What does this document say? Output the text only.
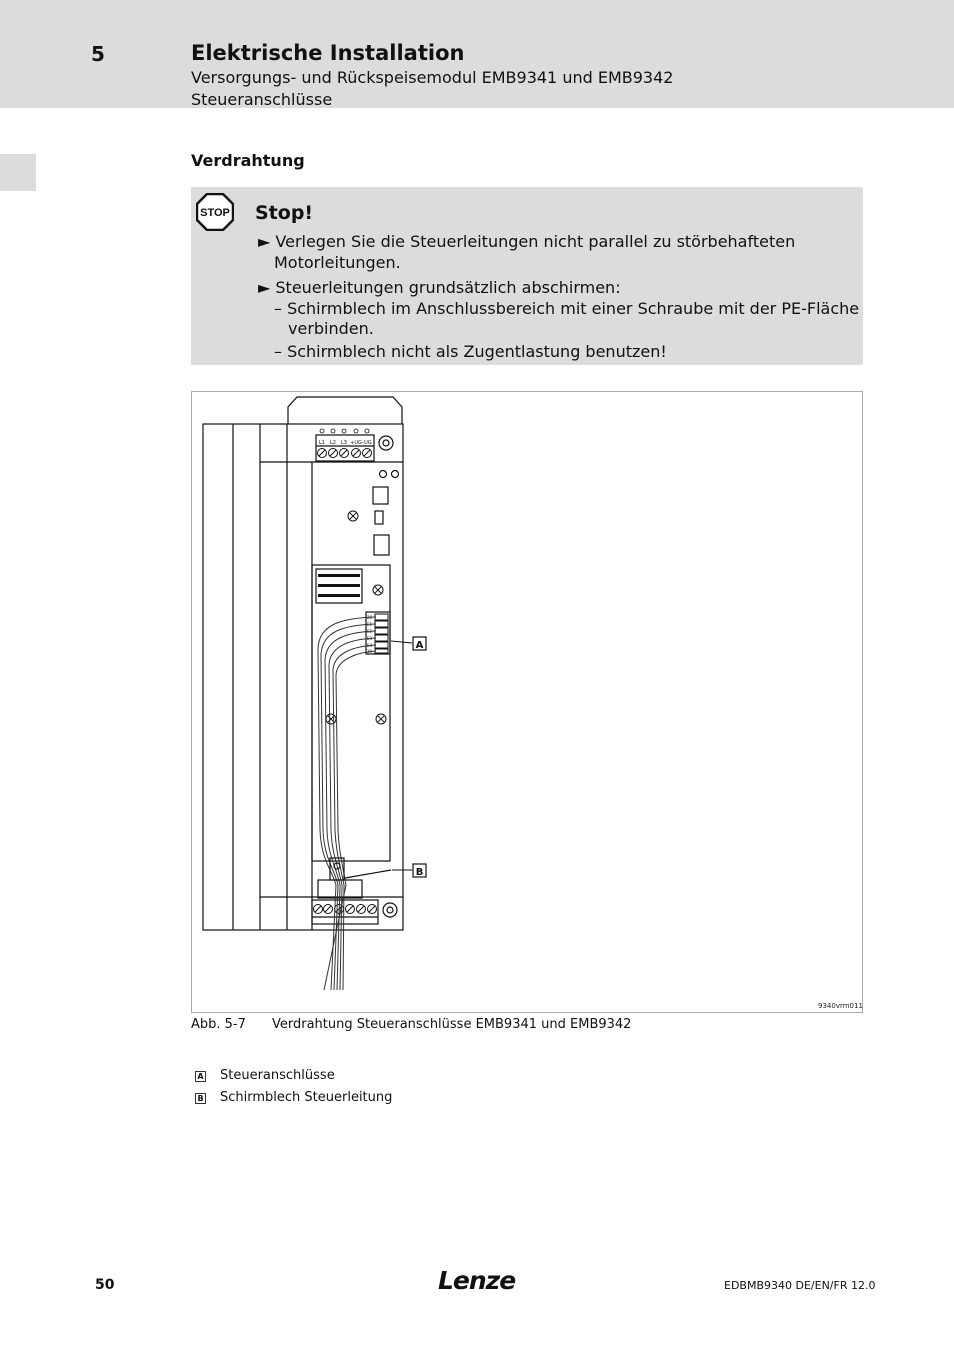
5	Elektrische Installation
Versorgungs- und Rückspeisemodul EMB9341 und EMB9342
Steueranschlüsse
Verdrahtung
STOP Stop!
► Verlegen Sie die Steuerleitungen nicht parallel zu störbehafteten
Motorleitungen.
► Steuerleitungen grundsätzlich abschirmen:
– Schirmblech im Anschlussbereich mit einer Schraube mit der PE-Fläche
verbinden.
– Schirmblech nicht als Zugentlastung benutzen!
L1 L2 L3 +UG -UG
28
E1
E2
E3
E4
39
A
B
9340vrm011
Abb. 5-7 Verdrahtung Steueranschlüsse EMB9341 und EMB9342
A Steueranschlüsse
B Schirmblech Steuerleitung
50	Lenze	EDBMB9340 DE/EN/FR 12.0
